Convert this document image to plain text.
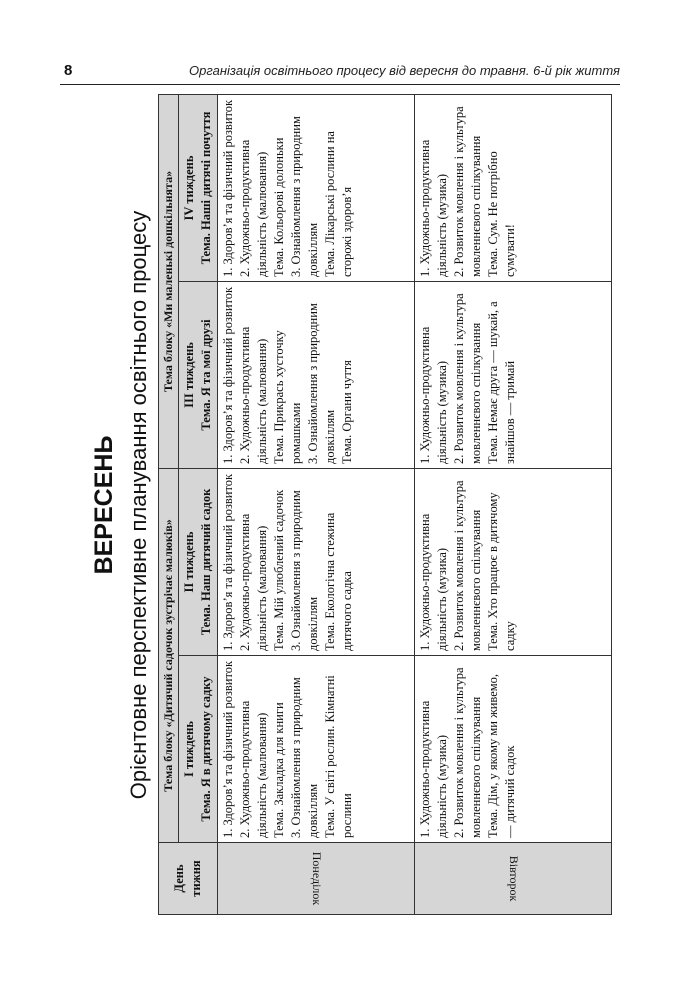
8	Організація освітнього процесу від вересня до травня. 6-й рік життя
ВЕРЕСЕНЬ Орієнтовне перспективне планування освітнього процесу
День тижня	Тема блоку «Дитячий садочок зустрічає малюків»		Тема блоку «Ми маленькі дошкільнята»	

	I тиждень Тема. Я в дитячому садку	II тиждень Тема. Наш дитячий садок	III тиждень Тема. Я та мої друзі	IV тиждень Тема. Наші дитячі почуття

Понеділок	1. Здоров’я та фізичний розвиток 2. Художньо-продуктивна діяльність (малювання) Тема. Закладка для книги 3. Ознайомлення з природним довкіллям Тема. У світі рослин. Кімнатні рослини	1. Здоров’я та фізичний розвиток 2. Художньо-продуктивна діяльність (малювання) Тема. Мій улюблений садочок 3. Ознайомлення з природним довкіллям Тема. Екологічна стежина дитячого садка	1. Здоров’я та фізичний розвиток 2. Художньо-продуктивна діяльність (малювання) Тема. Прикрась хусточку ромашками 3. Ознайомлення з природним довкіллям Тема. Органи чуття	1. Здоров’я та фізичний розвиток 2. Художньо-продуктивна діяльність (малювання) Тема. Кольорові долоньки 3. Ознайомлення з природним довкіллям Тема. Лікарські рослини на сторожі здоров’я

Вівторок	1. Художньо-продуктивна діяльність (музика) 2. Розвиток мовлення і культура мовленнєвого спілкування Тема. Дім, у якому ми живемо, — дитячий садок	1. Художньо-продуктивна діяльність (музика) 2. Розвиток мовлення і культура мовленнєвого спілкування Тема. Хто працює в дитячому садку	1. Художньо-продуктивна діяльність (музика) 2. Розвиток мовлення і культура мовленнєвого спілкування Тема. Немає друга — шукай, а знайшов — тримай	1. Художньо-продуктивна діяльність (музика) 2. Розвиток мовлення і культура мовленнєвого спілкування Тема. Сум. Не потрібно сумувати!
